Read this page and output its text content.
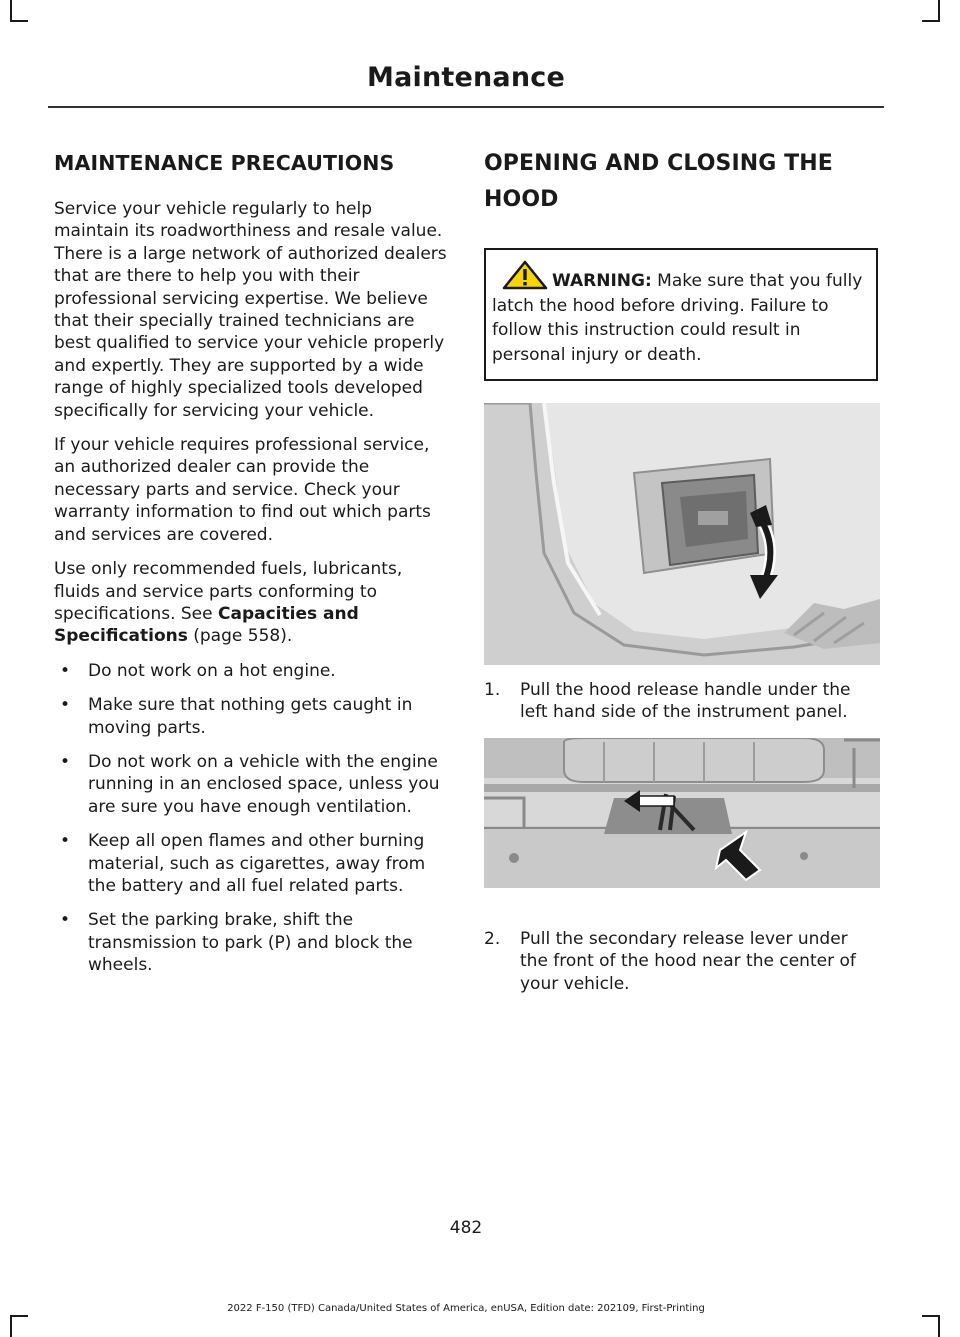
Maintenance
MAINTENANCE PRECAUTIONS

Service your vehicle regularly to help maintain its roadworthiness and resale value. There is a large network of authorized dealers that are there to help you with their professional servicing expertise. We believe that their specially trained technicians are best qualified to service your vehicle properly and expertly. They are supported by a wide range of highly specialized tools developed specifically for servicing your vehicle.

If your vehicle requires professional service, an authorized dealer can provide the necessary parts and service. Check your warranty information to find out which parts and services are covered.

Use only recommended fuels, lubricants, fluids and service parts conforming to specifications. See Capacities and Specifications (page 558).

• Do not work on a hot engine.
• Make sure that nothing gets caught in moving parts.
• Do not work on a vehicle with the engine running in an enclosed space, unless you are sure you have enough ventilation.
• Keep all open flames and other burning material, such as cigarettes, away from the battery and all fuel related parts.
• Set the parking brake, shift the transmission to park (P) and block the wheels.
OPENING AND CLOSING THE
HOOD
WARNING: Make sure that you fully latch the hood before driving. Failure to follow this instruction could result in personal injury or death.
1. Pull the hood release handle under the left hand side of the instrument panel.
2. Pull the secondary release lever under the front of the hood near the center of your vehicle.
482
2022 F-150 (TFD) Canada/United States of America, enUSA, Edition date: 202109, First-Printing
